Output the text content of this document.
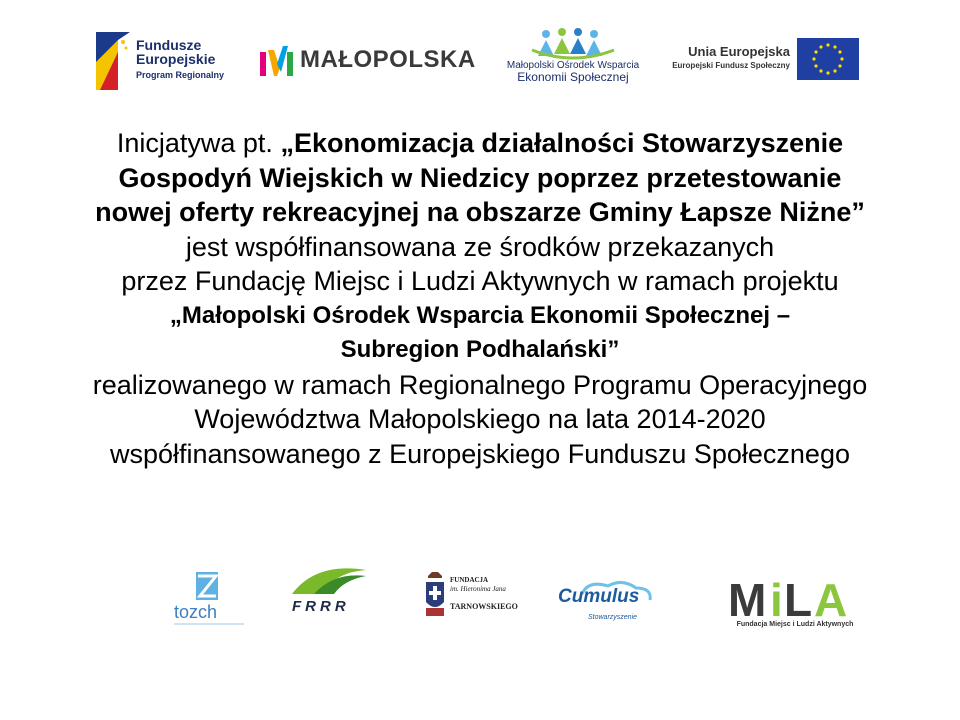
Fundusze
Europejskie
Program Regionalny
MAŁOPOLSKA	Małopolski Ośrodek Wsparcia
Ekonomii Społecznej
Unia Europejska
Europejski Fundusz Społeczny
Inicjatywa pt. „Ekonomizacja działalności Stowarzyszenie
Gospodyń Wiejskich w Niedzicy poprzez przetestowanie
nowej oferty rekreacyjnej na obszarze Gminy Łapsze Niżne”
jest współfinansowana ze środków przekazanych
przez Fundację Miejsc i Ludzi Aktywnych w ramach projektu
„Małopolski Ośrodek Wsparcia Ekonomii Społecznej –
Subregion Podhalański”
realizowanego w ramach Regionalnego Programu Operacyjnego
Województwa Małopolskiego na lata 2014-2020
współfinansowanego z Europejskiego Funduszu Społecznego
tozch	FRRR
FUNDACJA
im. Hieronima Jana
TARNOWSKIEGO Cumulus
Stowarzyszenie M i L A
Fundacja Miejsc i Ludzi Aktywnych
